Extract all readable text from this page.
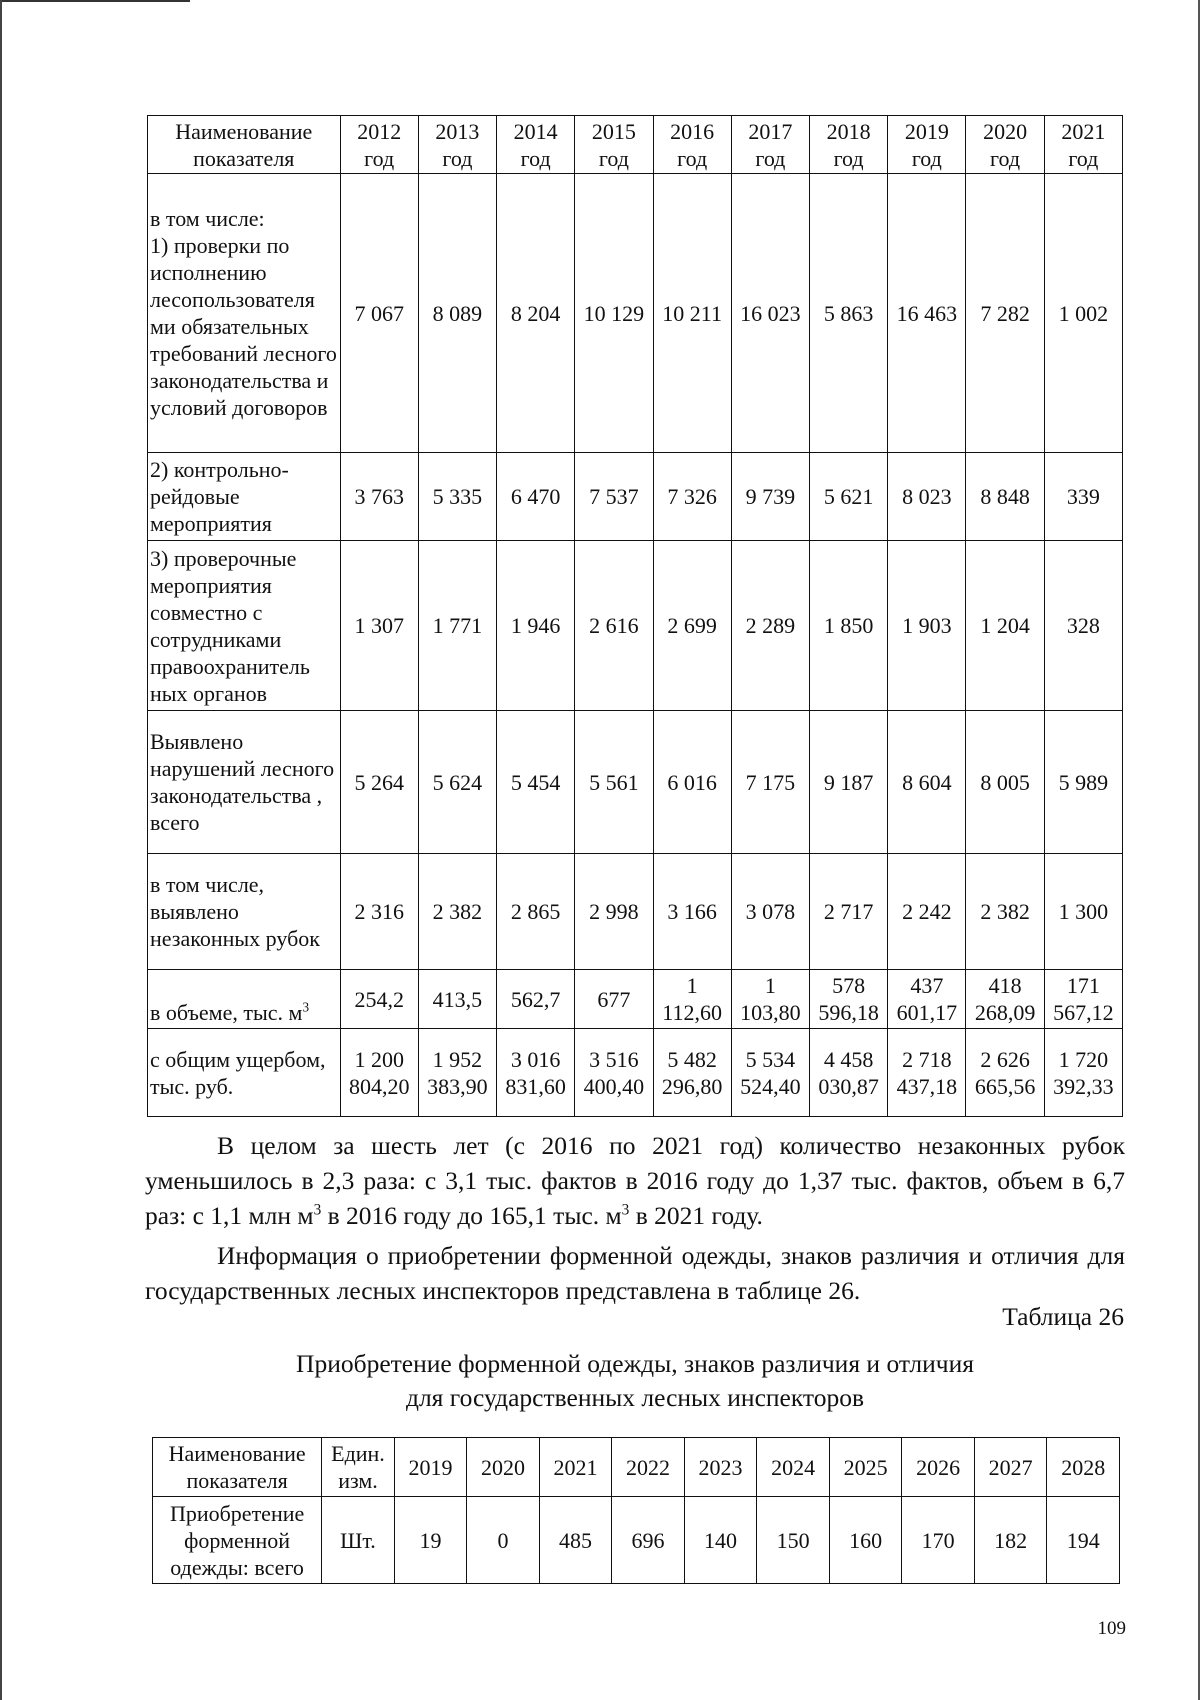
Наименование показателя	2012 год	2013 год	2014 год	2015 год	2016 год	2017 год	2018 год	2019 год	2020 год	2021 год
в том числе:
1) проверки по исполнению лесопользователя ми обязательных требований лесного законодательства и условий договоров	7 067	8 089	8 204	10 129	10 211	16 023	5 863	16 463	7 282	1 002
2) контрольно-рейдовые мероприятия	3 763	5 335	6 470	7 537	7 326	9 739	5 621	8 023	8 848	339
3) проверочные мероприятия совместно с сотрудниками правоохранитель ных органов	1 307	1 771	1 946	2 616	2 699	2 289	1 850	1 903	1 204	328
Выявлено нарушений лесного законодательства , всего	5 264	5 624	5 454	5 561	6 016	7 175	9 187	8 604	8 005	5 989
в том числе, выявлено незаконных рубок	2 316	2 382	2 865	2 998	3 166	3 078	2 717	2 242	2 382	1 300
в объеме, тыс. $м^3$	254,2	413,5	562,7	677	1 112,60	1 103,80	578 596,18	437 601,17	418 268,09	171 567,12
с общим ущербом, тыс. руб.	1 200 804,20	1 952 383,90	3 016 831,60	3 516 400,40	5 482 296,80	5 534 524,40	4 458 030,87	2 718 437,18	2 626 665,56	1 720 392,33

В целом за шесть лет (с 2016 по 2021 год) количество незаконных рубок уменьшилось в 2,3 раза: с 3,1 тыс. фактов в 2016 году до 1,37 тыс. фактов, объем в 6,7 раз: с 1,1 млн $м^3$ в 2016 году до 165,1 тыс. $м^3$ в 2021 году.

Информация о приобретении форменной одежды, знаков различия и отличия для государственных лесных инспекторов представлена в таблице 26.

Таблица 26
Приобретение форменной одежды, знаков различия и отличия
для государственных лесных инспекторов
Наименование показателя	Един. изм.	2019	2020	2021	2022	2023	2024	2025	2026	2027	2028
Приобретение форменной одежды: всего	Шт.	19	0	485	696	140	150	160	170	182	194
109
